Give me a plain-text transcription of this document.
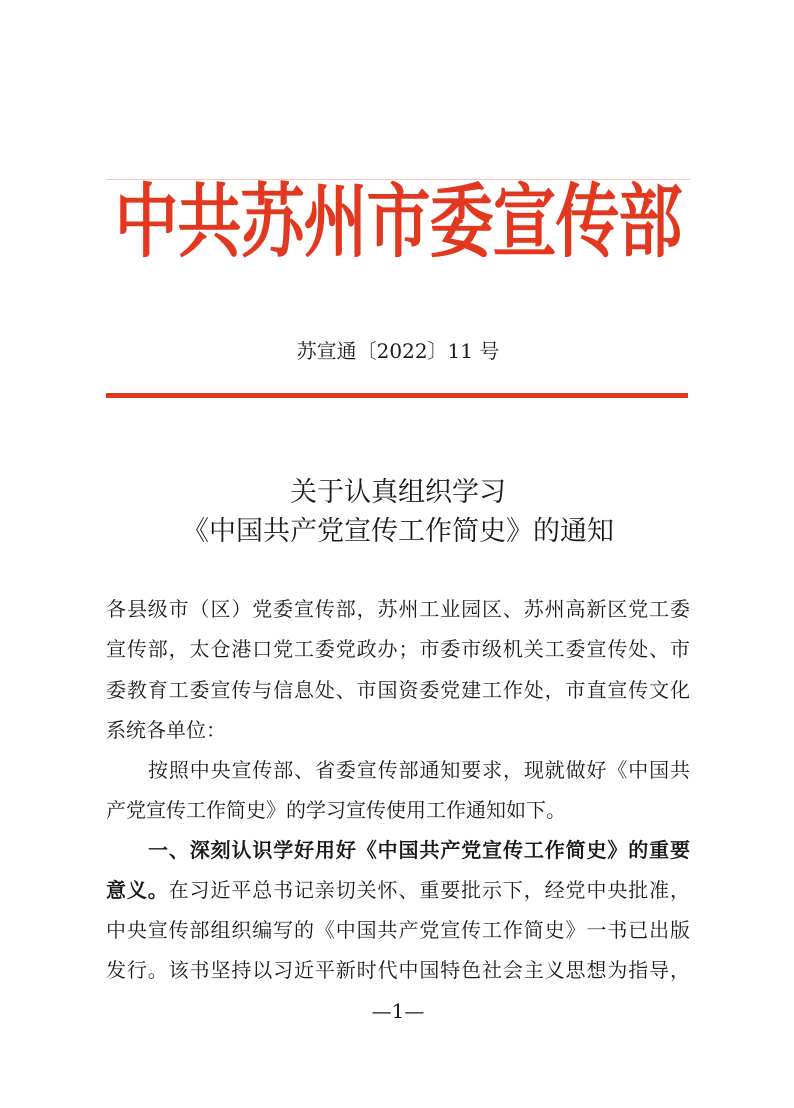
中共苏州市委宣传部
苏宣通〔2022〕11 号
关于认真组织学习
《中国共产党宣传工作简史》的通知
各县级市（区）党委宣传部，苏州工业园区、苏州高新区党工委
宣传部，太仓港口党工委党政办；市委市级机关工委宣传处、市
委教育工委宣传与信息处、市国资委党建工作处，市直宣传文化
系统各单位：
按照中央宣传部、省委宣传部通知要求，现就做好《中国共
产党宣传工作简史》的学习宣传使用工作通知如下。
一、深刻认识学好用好《中国共产党宣传工作简史》的重要
意义。在习近平总书记亲切关怀、重要批示下，经党中央批准，
中央宣传部组织编写的《中国共产党宣传工作简史》一书已出版
发行。该书坚持以习近平新时代中国特色社会主义思想为指导，
—1—
